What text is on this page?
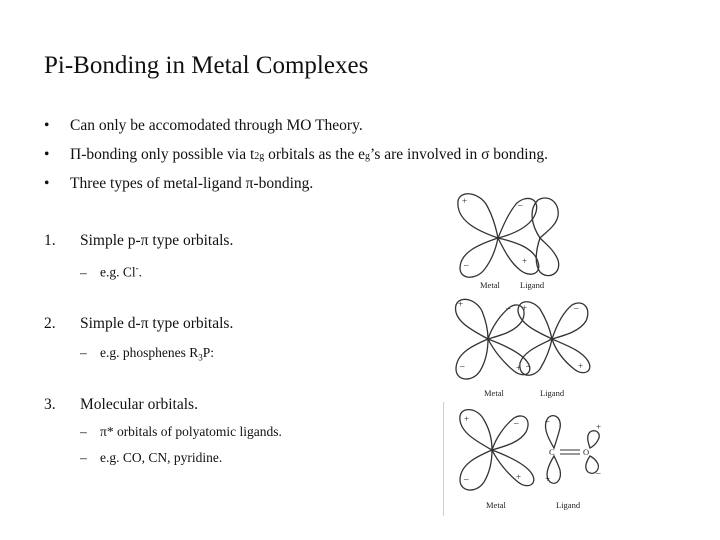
Pi-Bonding in Metal Complexes
• Can only be accomodated through MO Theory.
• Π-bonding only possible via t2g orbitals as the eg’s are involved in σ bonding.
• Three types of metal-ligand π-bonding.
1. Simple p-π type orbitals.
– e.g. Cl-.
2. Simple d-π type orbitals.
– e.g. phosphenes $R_3P$:
3. Molecular orbitals.
– π* orbitals of polyatomic ligands.
– e.g. CO, CN, pyridine.
+	–
–	+
Metal Ligand
+	–
–	+
+	–
–	+
Metal	Ligand
C	O
+	–
–	+
–
+
+
–
Metal	Ligand
